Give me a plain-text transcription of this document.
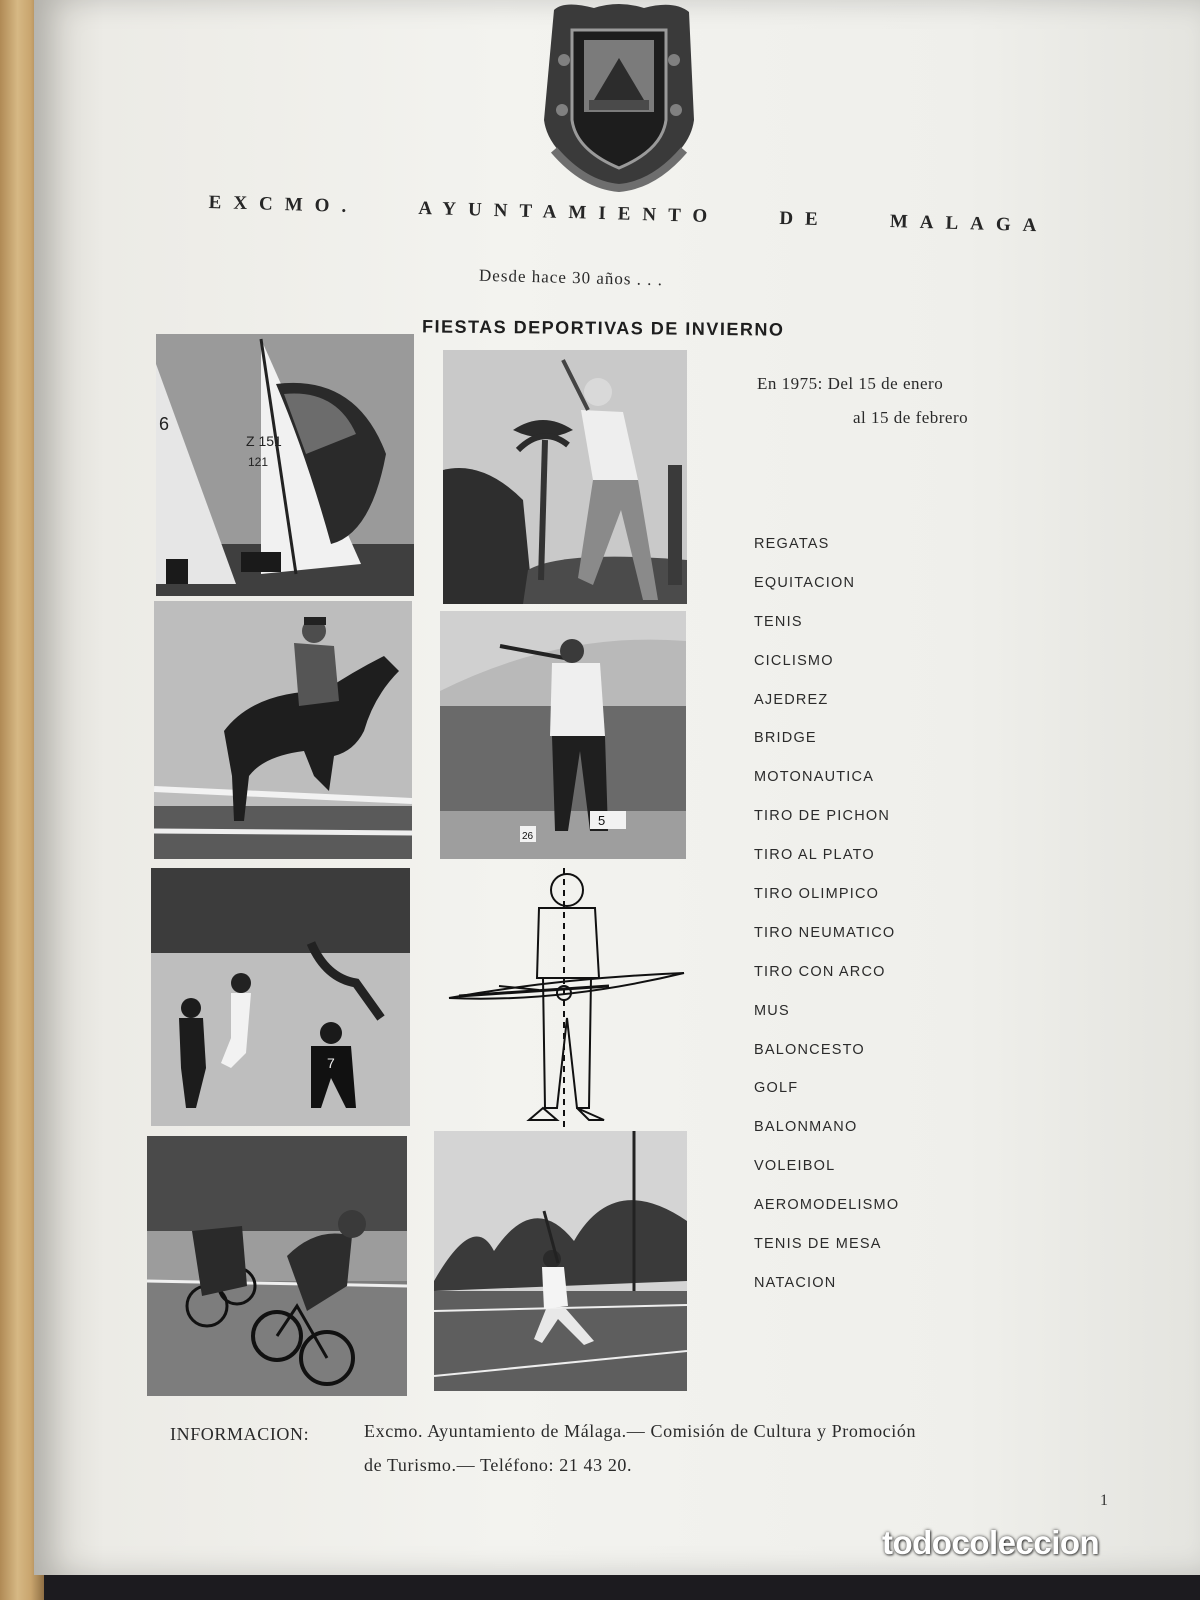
EXCMO.	AYUNTAMIENTO	DE	MALAGA
Desde hace 30 años . . .
FIESTAS DEPORTIVAS DE INVIERNO
En 1975: Del 15 de enero
al 15 de febrero
6
Z 151
121
26
5
7
REGATAS
EQUITACION
TENIS
CICLISMO
AJEDREZ
BRIDGE
MOTONAUTICA
TIRO DE PICHON
TIRO AL PLATO
TIRO OLIMPICO
TIRO NEUMATICO
TIRO CON ARCO
MUS
BALONCESTO
GOLF
BALONMANO
VOLEIBOL
AEROMODELISMO
TENIS DE MESA
NATACION
INFORMACION:	Excmo. Ayuntamiento de Málaga.— Comisión de Cultura y Promoción
de Turismo.— Teléfono: 21 43 20.
1
todocoleccion
